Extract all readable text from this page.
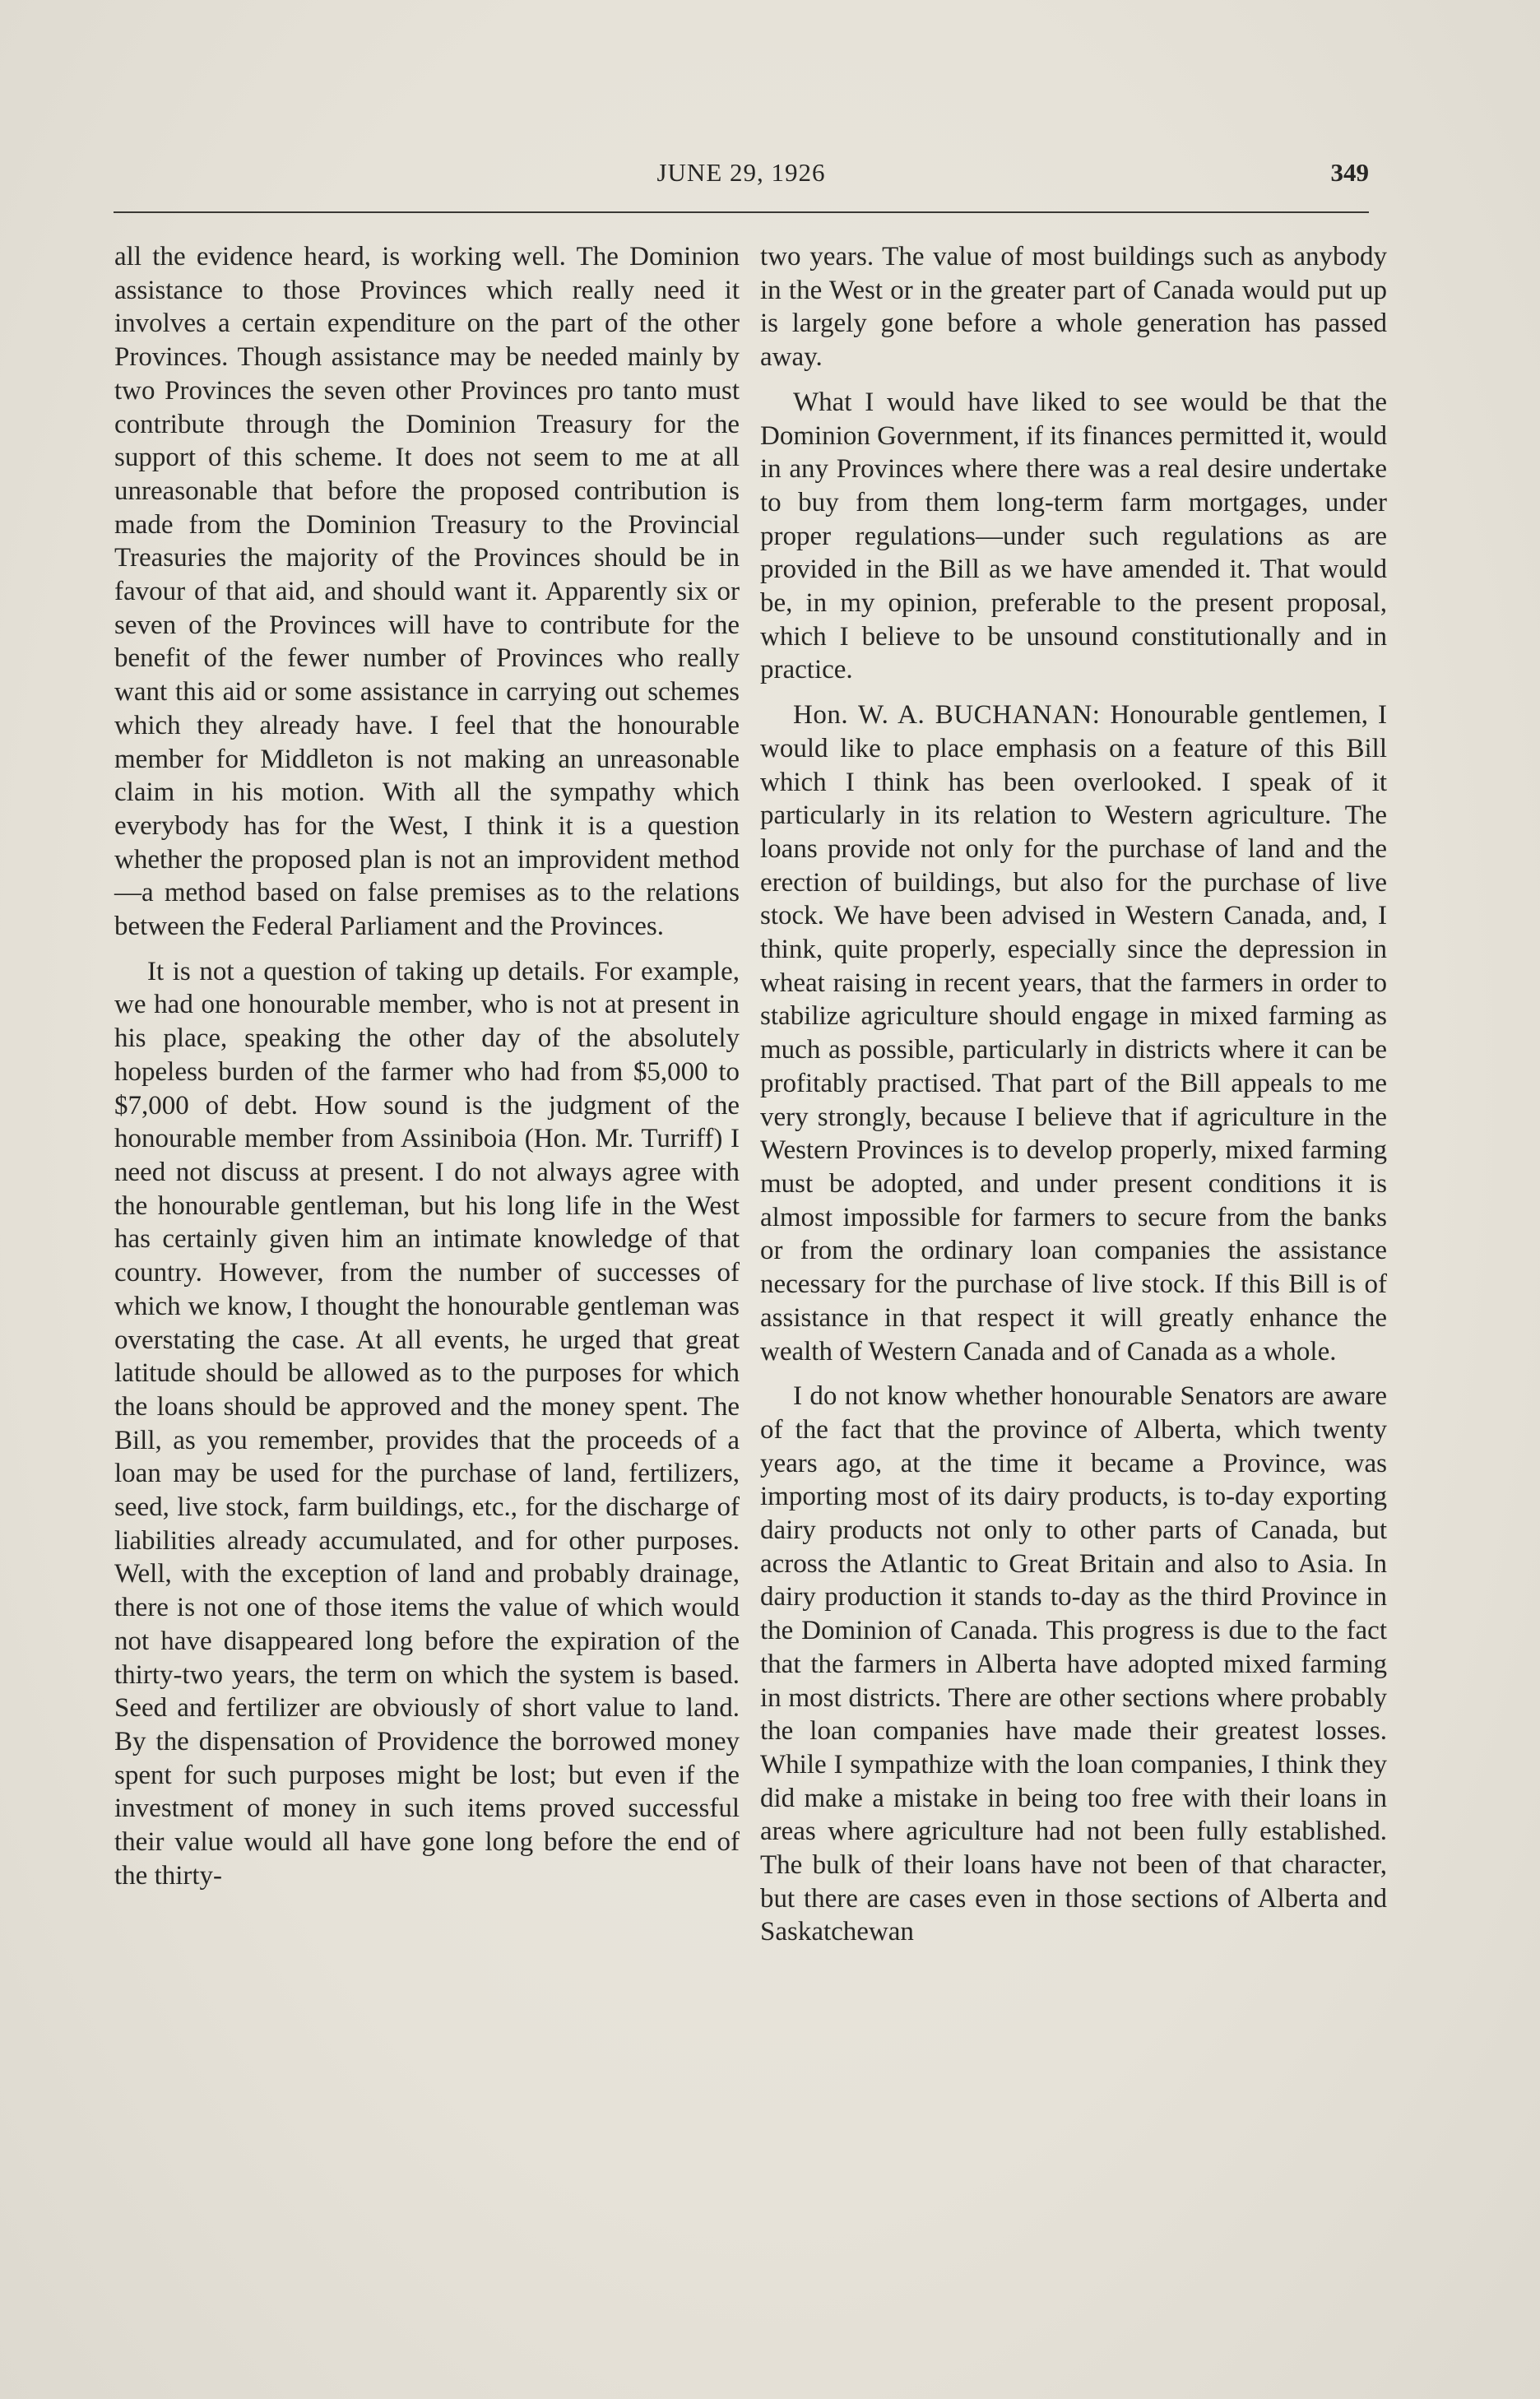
JUNE 29, 1926	349

all the evidence heard, is working well. The Dominion assistance to those Provinces which really need it involves a certain expenditure on the part of the other Provinces. Though assistance may be needed mainly by two Provinces the seven other Provinces pro tanto must contribute through the Dominion Treasury for the support of this scheme. It does not seem to me at all unreasonable that before the proposed contribution is made from the Dominion Treasury to the Provincial Treasuries the majority of the Provinces should be in favour of that aid, and should want it. Apparently six or seven of the Provinces will have to contribute for the benefit of the fewer number of Provinces who really want this aid or some assistance in carrying out schemes which they already have. I feel that the honourable member for Middleton is not making an unreasonable claim in his motion. With all the sympathy which everybody has for the West, I think it is a question whether the proposed plan is not an improvident method—a method based on false premises as to the relations between the Federal Parliament and the Provinces.

It is not a question of taking up details. For example, we had one honourable member, who is not at present in his place, speaking the other day of the absolutely hopeless burden of the farmer who had from $5,000 to $7,000 of debt. How sound is the judgment of the honourable member from Assiniboia (Hon. Mr. Turriff) I need not discuss at present. I do not always agree with the honourable gentleman, but his long life in the West has certainly given him an intimate knowledge of that country. However, from the number of successes of which we know, I thought the honourable gentleman was overstating the case. At all events, he urged that great latitude should be allowed as to the purposes for which the loans should be approved and the money spent. The Bill, as you remember, provides that the proceeds of a loan may be used for the purchase of land, fertilizers, seed, live stock, farm buildings, etc., for the discharge of liabilities already accumulated, and for other purposes. Well, with the exception of land and probably drainage, there is not one of those items the value of which would not have disappeared long before the expiration of the thirty-two years, the term on which the system is based. Seed and fertilizer are obviously of short value to land. By the dispensation of Providence the borrowed money spent for such purposes might be lost; but even if the investment of money in such items proved successful their value would all have gone long before the end of the thirty-

two years. The value of most buildings such as anybody in the West or in the greater part of Canada would put up is largely gone before a whole generation has passed away.

What I would have liked to see would be that the Dominion Government, if its finances permitted it, would in any Provinces where there was a real desire undertake to buy from them long-term farm mortgages, under proper regulations—under such regulations as are provided in the Bill as we have amended it. That would be, in my opinion, preferable to the present proposal, which I believe to be unsound constitutionally and in practice.

Hon. W. A. BUCHANAN: Honourable gentlemen, I would like to place emphasis on a feature of this Bill which I think has been overlooked. I speak of it particularly in its relation to Western agriculture. The loans provide not only for the purchase of land and the erection of buildings, but also for the purchase of live stock. We have been advised in Western Canada, and, I think, quite properly, especially since the depression in wheat raising in recent years, that the farmers in order to stabilize agriculture should engage in mixed farming as much as possible, particularly in districts where it can be profitably practised. That part of the Bill appeals to me very strongly, because I believe that if agriculture in the Western Provinces is to develop properly, mixed farming must be adopted, and under present conditions it is almost impossible for farmers to secure from the banks or from the ordinary loan companies the assistance necessary for the purchase of live stock. If this Bill is of assistance in that respect it will greatly enhance the wealth of Western Canada and of Canada as a whole.

I do not know whether honourable Senators are aware of the fact that the province of Alberta, which twenty years ago, at the time it became a Province, was importing most of its dairy products, is to-day exporting dairy products not only to other parts of Canada, but across the Atlantic to Great Britain and also to Asia. In dairy production it stands to-day as the third Province in the Dominion of Canada. This progress is due to the fact that the farmers in Alberta have adopted mixed farming in most districts. There are other sections where probably the loan companies have made their greatest losses. While I sympathize with the loan companies, I think they did make a mistake in being too free with their loans in areas where agriculture had not been fully established. The bulk of their loans have not been of that character, but there are cases even in those sections of Alberta and Saskatchewan
